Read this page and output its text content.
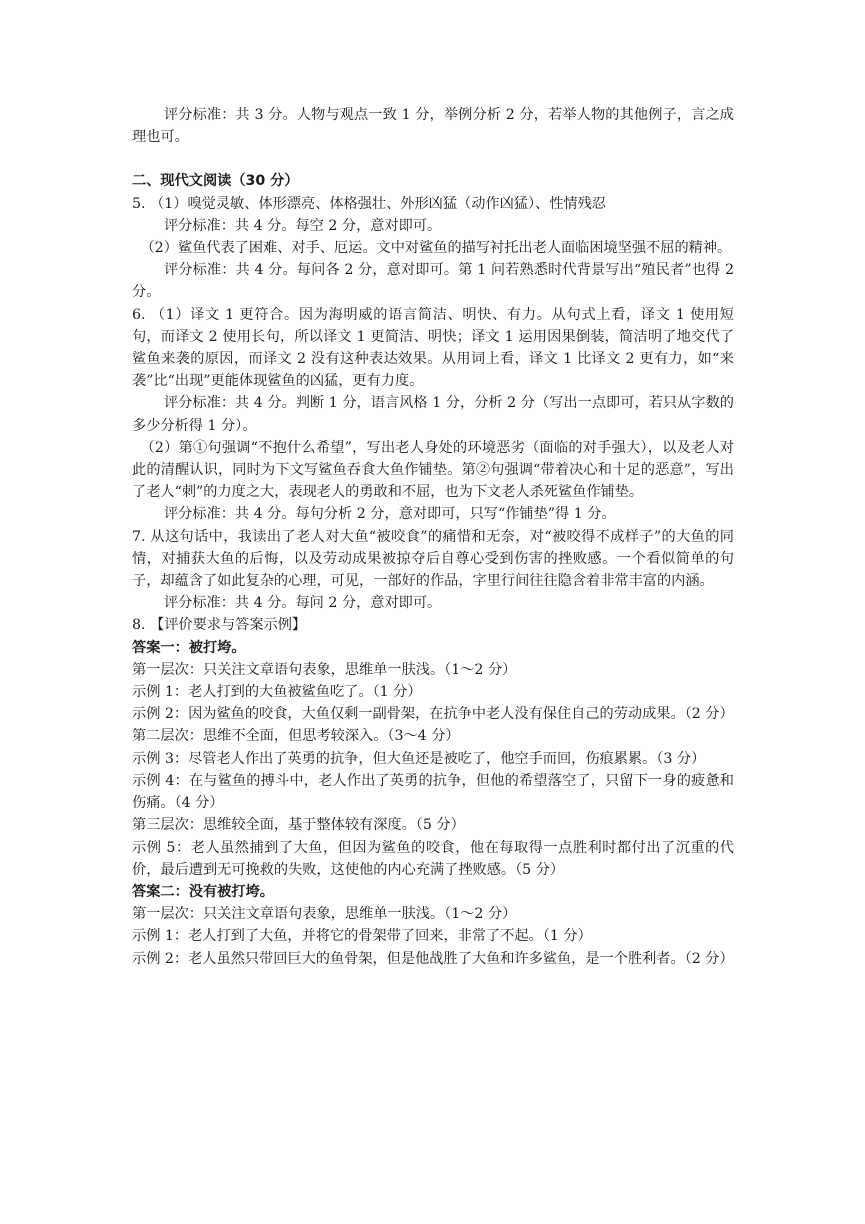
评分标准：共 3 分。人物与观点一致 1 分，举例分析 2 分，若举人物的其他例子，言之成理也可。
二、现代文阅读（30 分）
5. （1）嗅觉灵敏、体形漂亮、体格强壮、外形凶猛（动作凶猛）、性情残忍
评分标准：共 4 分。每空 2 分，意对即可。
（2）鲨鱼代表了困难、对手、厄运。文中对鲨鱼的描写衬托出老人面临困境坚强不屈的精神。
评分标准：共 4 分。每问各 2 分，意对即可。第 1 问若熟悉时代背景写出“殖民者”也得 2 分。
6. （1）译文 1 更符合。因为海明威的语言简洁、明快、有力。从句式上看，译文 1 使用短句，而译文 2 使用长句，所以译文 1 更简洁、明快；译文 1 运用因果倒装，简洁明了地交代了鲨鱼来袭的原因，而译文 2 没有这种表达效果。从用词上看，译文 1 比译文 2 更有力，如“来袭”比“出现”更能体现鲨鱼的凶猛，更有力度。
评分标准：共 4 分。判断 1 分，语言风格 1 分，分析 2 分（写出一点即可，若只从字数的多少分析得 1 分）。
（2）第①句强调“不抱什么希望”，写出老人身处的环境恶劣（面临的对手强大），以及老人对此的清醒认识，同时为下文写鲨鱼吞食大鱼作铺垫。第②句强调“带着决心和十足的恶意”，写出了老人“刺”的力度之大，表现老人的勇敢和不屈，也为下文老人杀死鲨鱼作铺垫。
评分标准：共 4 分。每句分析 2 分，意对即可，只写“作铺垫”得 1 分。
7. 从这句话中，我读出了老人对大鱼“被咬食”的痛惜和无奈，对“被咬得不成样子”的大鱼的同情，对捕获大鱼的后悔，以及劳动成果被掠夺后自尊心受到伤害的挫败感。一个看似简单的句子，却蕴含了如此复杂的心理，可见，一部好的作品，字里行间往往隐含着非常丰富的内涵。
评分标准：共 4 分。每问 2 分，意对即可。
8. 【评价要求与答案示例】
答案一：被打垮。
第一层次：只关注文章语句表象，思维单一肤浅。（1～2 分）
示例 1：老人打到的大鱼被鲨鱼吃了。（1 分）
示例 2：因为鲨鱼的咬食，大鱼仅剩一副骨架，在抗争中老人没有保住自己的劳动成果。（2 分）
第二层次：思维不全面，但思考较深入。（3～4 分）
示例 3：尽管老人作出了英勇的抗争，但大鱼还是被吃了，他空手而回，伤痕累累。（3 分）
示例 4：在与鲨鱼的搏斗中，老人作出了英勇的抗争，但他的希望落空了，只留下一身的疲惫和伤痛。（4 分）
第三层次：思维较全面，基于整体较有深度。（5 分）
示例 5：老人虽然捕到了大鱼，但因为鲨鱼的咬食，他在每取得一点胜利时都付出了沉重的代价，最后遭到无可挽救的失败，这使他的内心充满了挫败感。（5 分）
答案二：没有被打垮。
第一层次：只关注文章语句表象，思维单一肤浅。（1～2 分）
示例 1：老人打到了大鱼，并将它的骨架带了回来，非常了不起。（1 分）
示例 2：老人虽然只带回巨大的鱼骨架，但是他战胜了大鱼和许多鲨鱼，是一个胜利者。（2 分）
